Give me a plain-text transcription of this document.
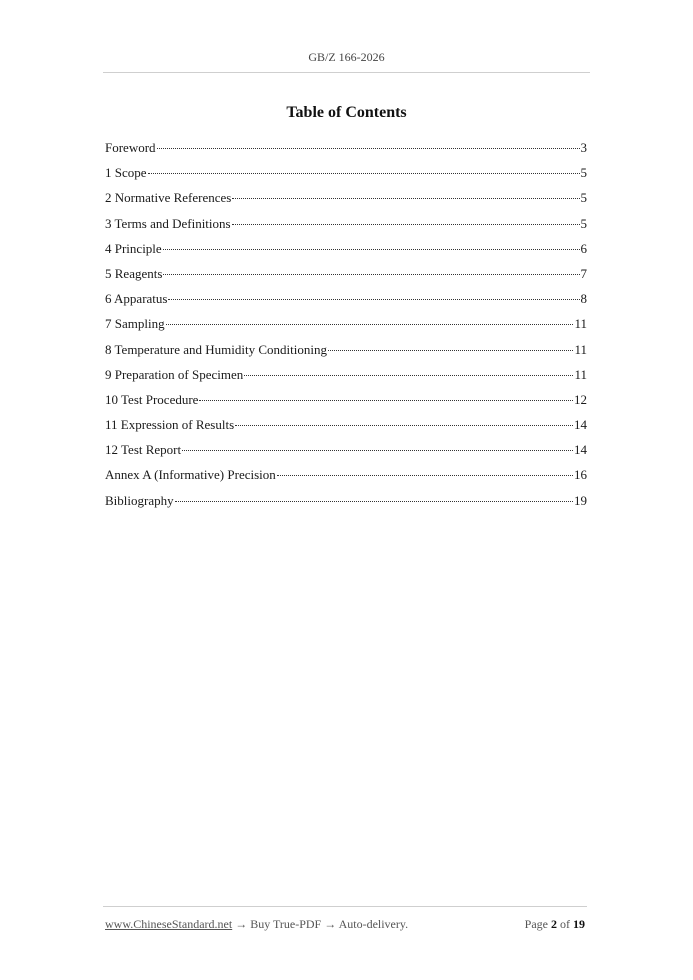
GB/Z 166-2026
Table of Contents
Foreword	3
1 Scope	5
2 Normative References	5
3 Terms and Definitions	5
4 Principle	6
5 Reagents	7
6 Apparatus	8
7 Sampling	11
8 Temperature and Humidity Conditioning	11
9 Preparation of Specimen	11
10 Test Procedure	12
11 Expression of Results	14
12 Test Report	14
Annex A (Informative) Precision	16
Bibliography	19
www.ChineseStandard.net → Buy True-PDF → Auto-delivery.	Page 2 of 19
